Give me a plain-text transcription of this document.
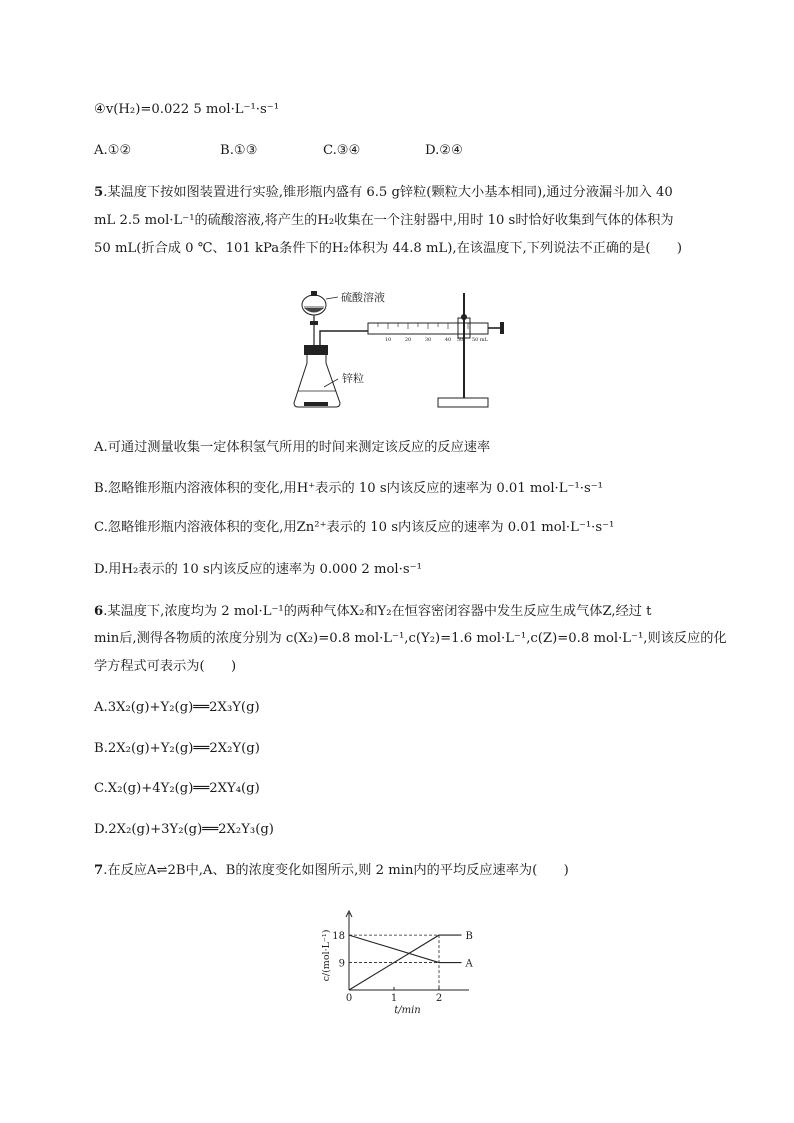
④v(H₂)=0.022 5 mol·L⁻¹·s⁻¹
A.①②	B.①③	C.③④	D.②④
5.某温度下按如图装置进行实验,锥形瓶内盛有 6.5 g锌粒(颗粒大小基本相同),通过分液漏斗加入 40
mL 2.5 mol·L⁻¹的硫酸溶液,将产生的H₂收集在一个注射器中,用时 10 s时恰好收集到气体的体积为
50 mL(折合成 0 ℃、101 kPa条件下的H₂体积为 44.8 mL),在该温度下,下列说法不正确的是(　　)
硫酸溶液
锌粒
10	20	30	40 50 50 mL
A.可通过测量收集一定体积氢气所用的时间来测定该反应的反应速率
B.忽略锥形瓶内溶液体积的变化,用H⁺表示的 10 s内该反应的速率为 0.01 mol·L⁻¹·s⁻¹
C.忽略锥形瓶内溶液体积的变化,用Zn²⁺表示的 10 s内该反应的速率为 0.01 mol·L⁻¹·s⁻¹
D.用H₂表示的 10 s内该反应的速率为 0.000 2 mol·s⁻¹
6.某温度下,浓度均为 2 mol·L⁻¹的两种气体X₂和Y₂在恒容密闭容器中发生反应生成气体Z,经过 t
min后,测得各物质的浓度分别为 c(X₂)=0.8 mol·L⁻¹,c(Y₂)=1.6 mol·L⁻¹,c(Z)=0.8 mol·L⁻¹,则该反应的化
学方程式可表示为(　　)
A.3X₂(g)+Y₂(g)══2X₃Y(g)
B.2X₂(g)+Y₂(g)══2X₂Y(g)
C.X₂(g)+4Y₂(g)══2XY₄(g)
D.2X₂(g)+3Y₂(g)══2X₂Y₃(g)
7.在反应A⇌2B中,A、B的浓度变化如图所示,则 2 min内的平均反应速率为(　　)
0	1	2
9
18
A
B
t/min
c/(mol·L⁻¹)
